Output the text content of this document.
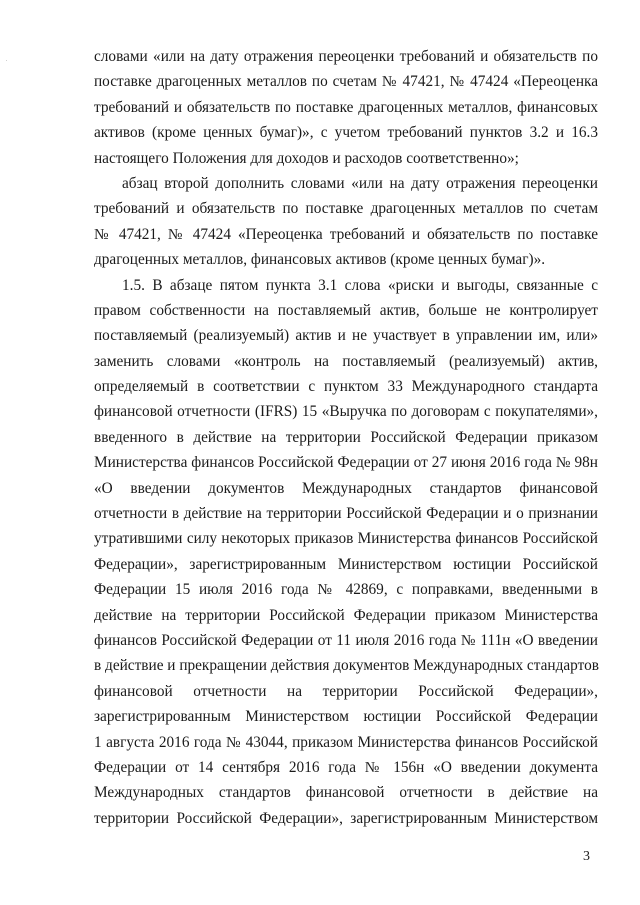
словами «или на дату отражения переоценки требований и обязательств по
поставке драгоценных металлов по счетам № 47421, № 47424 «Переоценка
требований и обязательств по поставке драгоценных металлов, финансовых
активов (кроме ценных бумаг)», с учетом требований пунктов 3.2 и 16.3
настоящего Положения для доходов и расходов соответственно»;
абзац второй дополнить словами «или на дату отражения переоценки
требований и обязательств по поставке драгоценных металлов по счетам
№ 47421, № 47424 «Переоценка требований и обязательств по поставке
драгоценных металлов, финансовых активов (кроме ценных бумаг)».
1.5. В абзаце пятом пункта 3.1 слова «риски и выгоды, связанные с
правом собственности на поставляемый актив, больше не контролирует
поставляемый (реализуемый) актив и не участвует в управлении им, или»
заменить словами «контроль на поставляемый (реализуемый) актив,
определяемый в соответствии с пунктом 33 Международного стандарта
финансовой отчетности (IFRS) 15 «Выручка по договорам с покупателями»,
введенного в действие на территории Российской Федерации приказом
Министерства финансов Российской Федерации от 27 июня 2016 года № 98н
«О введении документов Международных стандартов финансовой
отчетности в действие на территории Российской Федерации и о признании
утратившими силу некоторых приказов Министерства финансов Российской
Федерации», зарегистрированным Министерством юстиции Российской
Федерации 15 июля 2016 года № 42869, с поправками, введенными в
действие на территории Российской Федерации приказом Министерства
финансов Российской Федерации от 11 июля 2016 года № 111н «О введении
в действие и прекращении действия документов Международных стандартов
финансовой отчетности на территории Российской Федерации»,
зарегистрированным Министерством юстиции Российской Федерации
1 августа 2016 года № 43044, приказом Министерства финансов Российской
Федерации от 14 сентября 2016 года № 156н «О введении документа
Международных стандартов финансовой отчетности в действие на
территории Российской Федерации», зарегистрированным Министерством
3
